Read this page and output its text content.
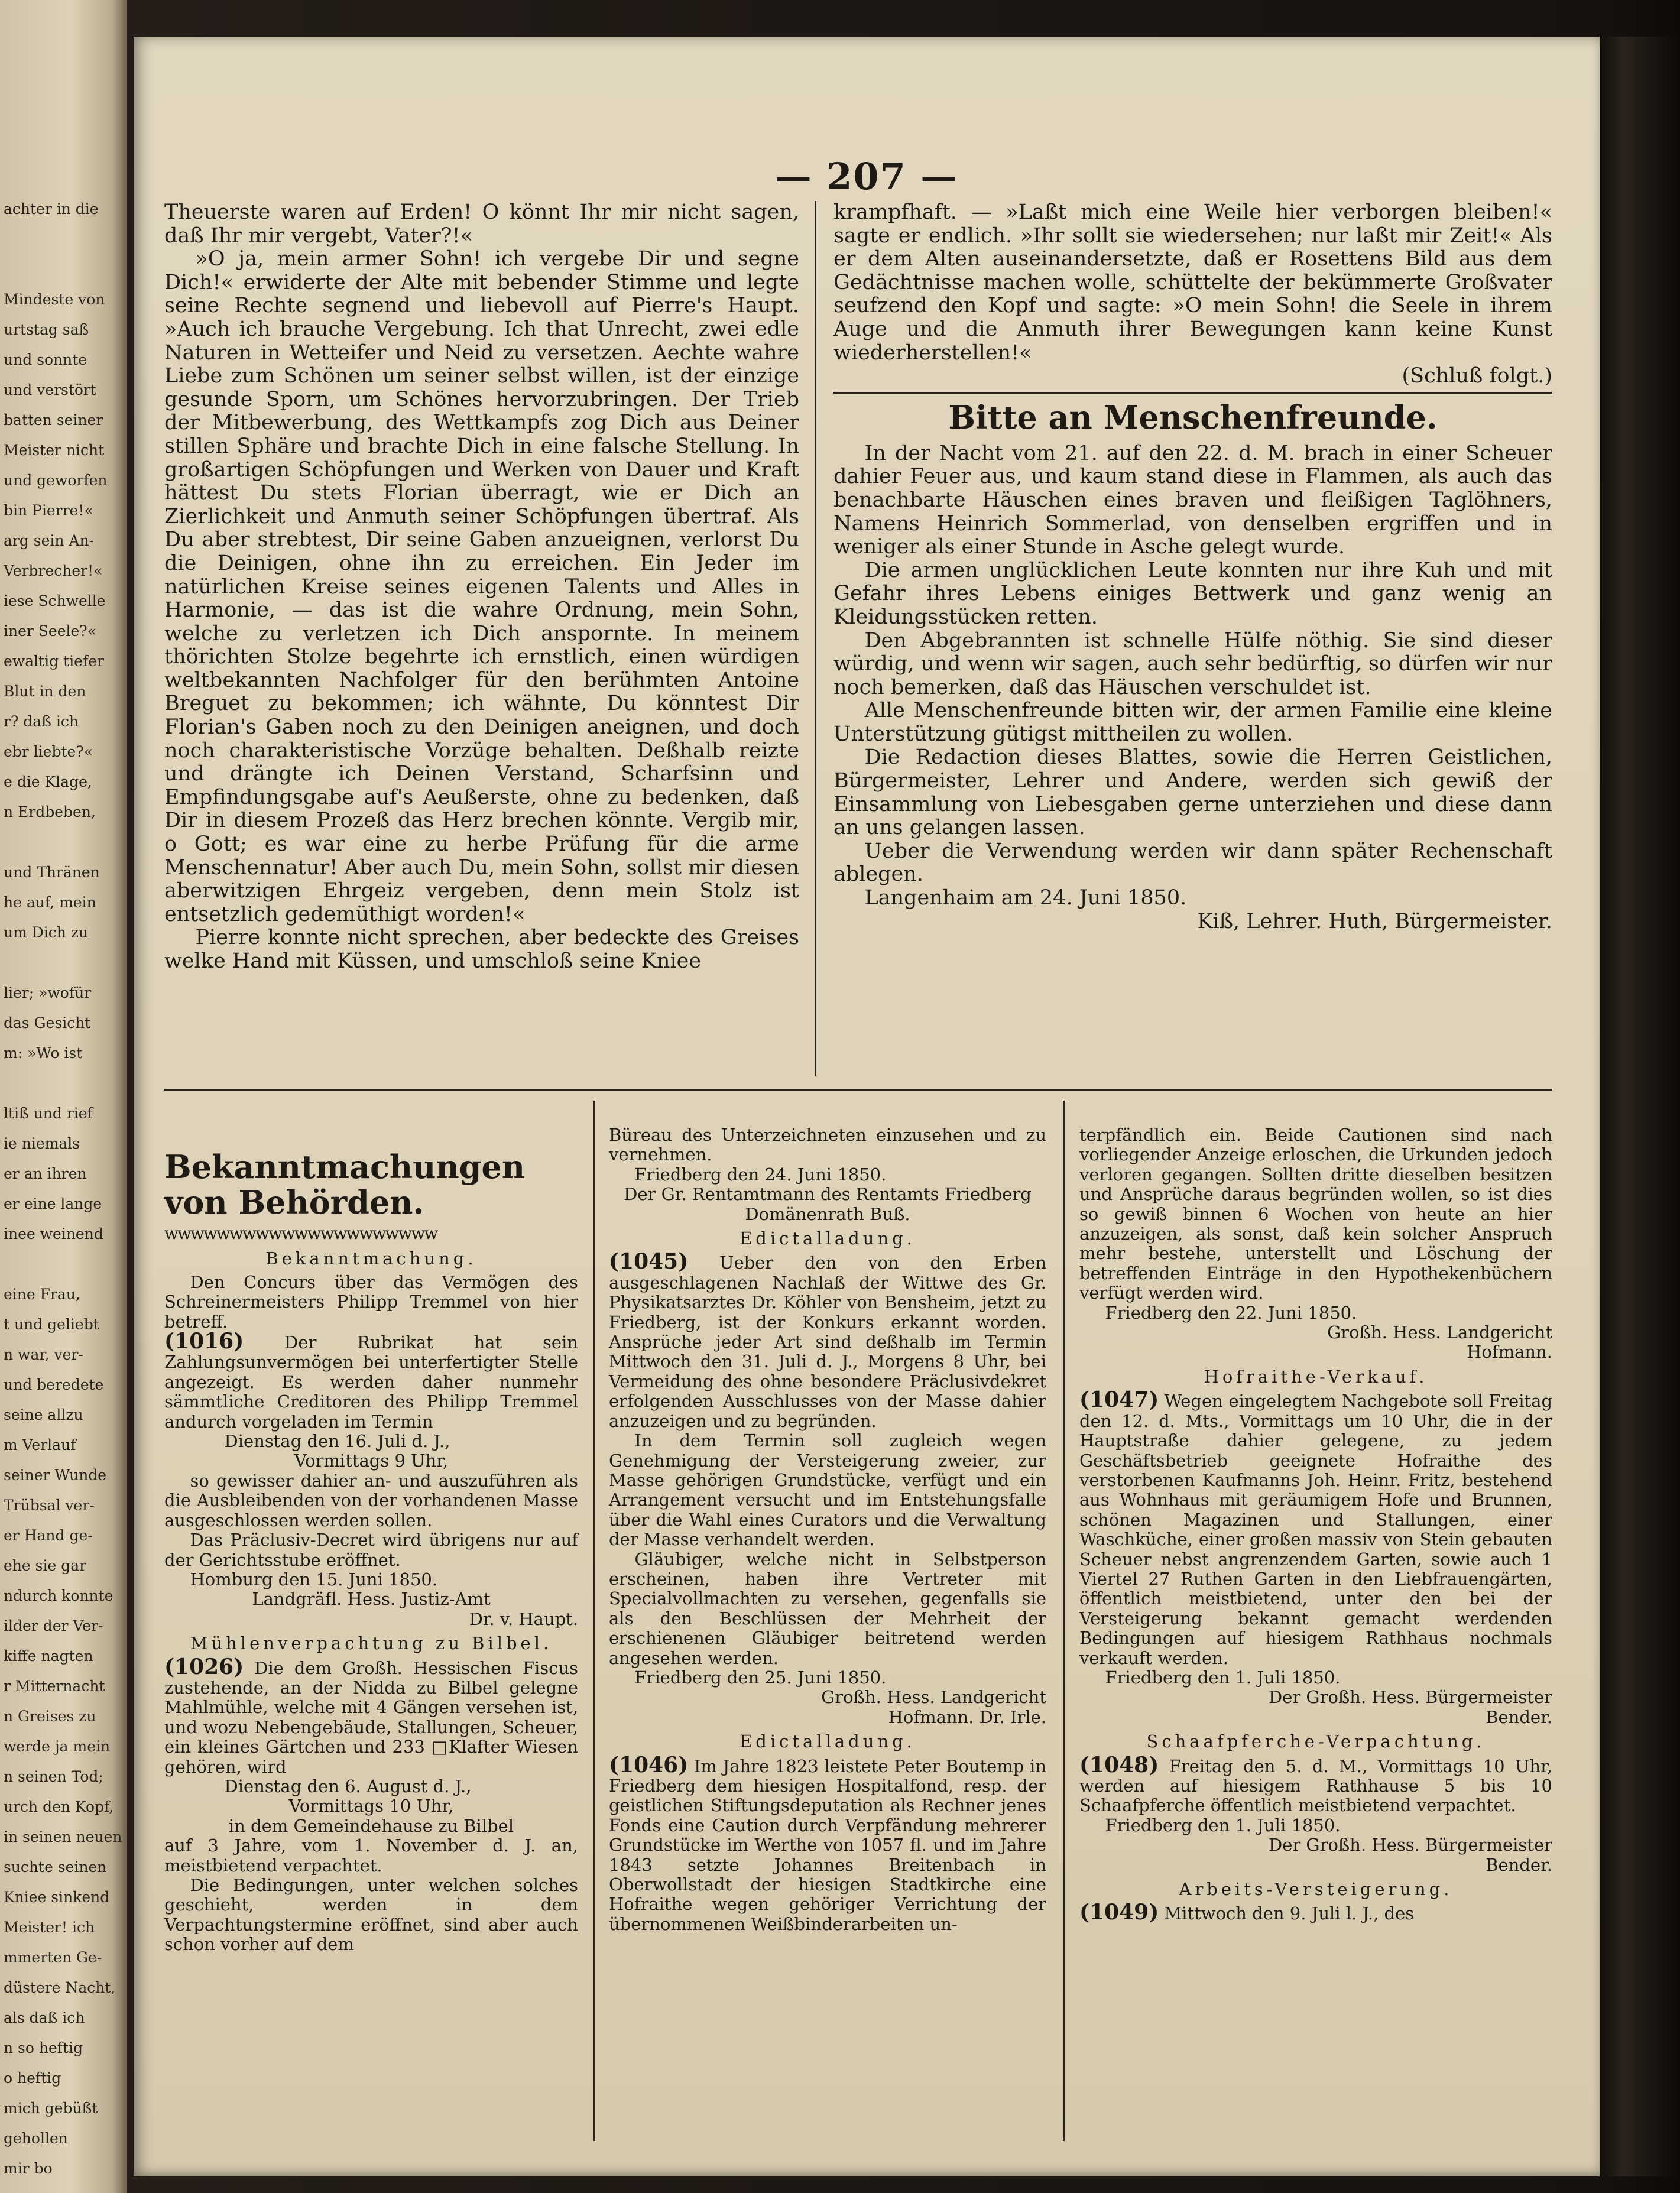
achter in die
Mindeste von
urtstag saß
und sonnte
und verstört
batten seiner
Meister nicht
und geworfen
bin Pierre!«
arg sein An-
Verbrecher!«
iese Schwelle
iner Seele?«
ewaltig tiefer
Blut in den
r? daß ich
ebr liebte?«
e die Klage,
n Erdbeben,
und Thränen
he auf, mein
um Dich zu
lier; »wofür
das Gesicht
m: »Wo ist
ltiß und rief
ie niemals
er an ihren
er eine lange
inee weinend
eine Frau,
t und geliebt
n war, ver-
und beredete
seine allzu
m Verlauf
seiner Wunde
Trübsal ver-
er Hand ge-
ehe sie gar
ndurch konnte
ilder der Ver-
kiffe nagten
r Mitternacht
n Greises zu
werde ja mein
n seinen Tod;
urch den Kopf,
in seinen neuen
suchte seinen
Kniee sinkend
Meister! ich
mmerten Ge-
düstere Nacht,
als daß ich
n so heftig
o heftig
mich gebüßt
gehollen
mir bo
— 207 —

Theuerste waren auf Erden! O könnt Ihr mir nicht sagen, daß Ihr mir vergebt, Vater?!«

»O ja, mein armer Sohn! ich vergebe Dir und segne Dich!« erwiderte der Alte mit bebender Stimme und legte seine Rechte segnend und liebevoll auf Pierre's Haupt. »Auch ich brauche Vergebung. Ich that Unrecht, zwei edle Naturen in Wetteifer und Neid zu versetzen. Aechte wahre Liebe zum Schönen um seiner selbst willen, ist der einzige gesunde Sporn, um Schönes hervorzubringen. Der Trieb der Mitbewerbung, des Wettkampfs zog Dich aus Deiner stillen Sphäre und brachte Dich in eine falsche Stellung. In großartigen Schöpfungen und Werken von Dauer und Kraft hättest Du stets Florian überragt, wie er Dich an Zierlichkeit und Anmuth seiner Schöpfungen übertraf. Als Du aber strebtest, Dir seine Gaben anzueignen, verlorst Du die Deinigen, ohne ihn zu erreichen. Ein Jeder im natürlichen Kreise seines eigenen Talents und Alles in Harmonie, — das ist die wahre Ordnung, mein Sohn, welche zu verletzen ich Dich anspornte. In meinem thörichten Stolze begehrte ich ernstlich, einen würdigen weltbekannten Nachfolger für den berühmten Antoine Breguet zu bekommen; ich wähnte, Du könntest Dir Florian's Gaben noch zu den Deinigen aneignen, und doch noch charakteristische Vorzüge behalten. Deßhalb reizte und drängte ich Deinen Verstand, Scharfsinn und Empfindungsgabe auf's Aeußerste, ohne zu bedenken, daß Dir in diesem Prozeß das Herz brechen könnte. Vergib mir, o Gott; es war eine zu herbe Prüfung für die arme Menschennatur! Aber auch Du, mein Sohn, sollst mir diesen aberwitzigen Ehrgeiz vergeben, denn mein Stolz ist entsetzlich gedemüthigt worden!«

Pierre konnte nicht sprechen, aber bedeckte des Greises welke Hand mit Küssen, und umschloß seine Kniee

krampfhaft. — »Laßt mich eine Weile hier verborgen bleiben!« sagte er endlich. »Ihr sollt sie wiedersehen; nur laßt mir Zeit!« Als er dem Alten auseinandersetzte, daß er Rosettens Bild aus dem Gedächtnisse machen wolle, schüttelte der bekümmerte Großvater seufzend den Kopf und sagte: »O mein Sohn! die Seele in ihrem Auge und die Anmuth ihrer Bewegungen kann keine Kunst wiederherstellen!«

(Schluß folgt.)
Bitte an Menschenfreunde.

In der Nacht vom 21. auf den 22. d. M. brach in einer Scheuer dahier Feuer aus, und kaum stand diese in Flammen, als auch das benachbarte Häuschen eines braven und fleißigen Taglöhners, Namens Heinrich Sommerlad, von denselben ergriffen und in weniger als einer Stunde in Asche gelegt wurde.

Die armen unglücklichen Leute konnten nur ihre Kuh und mit Gefahr ihres Lebens einiges Bettwerk und ganz wenig an Kleidungsstücken retten.

Den Abgebrannten ist schnelle Hülfe nöthig. Sie sind dieser würdig, und wenn wir sagen, auch sehr bedürftig, so dürfen wir nur noch bemerken, daß das Häuschen verschuldet ist.

Alle Menschenfreunde bitten wir, der armen Familie eine kleine Unterstützung gütigst mittheilen zu wollen.

Die Redaction dieses Blattes, sowie die Herren Geistlichen, Bürgermeister, Lehrer und Andere, werden sich gewiß der Einsammlung von Liebesgaben gerne unterziehen und diese dann an uns gelangen lassen.

Ueber die Verwendung werden wir dann später Rechenschaft ablegen.

Langenhaim am 24. Juni 1850.

Kiß, Lehrer. Huth, Bürgermeister.
Bekanntmachungen von Behörden.
wwwwwwwwwwwwwwwwwwwww
Bekanntmachung.

Den Concurs über das Vermögen des Schreinermeisters Philipp Tremmel von hier betreff.

(1016) Der Rubrikat hat sein Zahlungsunvermögen bei unterfertigter Stelle angezeigt. Es werden daher nunmehr sämmtliche Creditoren des Philipp Tremmel andurch vorgeladen im Termin

Dienstag den 16. Juli d. J.,
Vormittags 9 Uhr,

so gewisser dahier an- und auszuführen als die Ausbleibenden von der vorhandenen Masse ausgeschlossen werden sollen.

Das Präclusiv-Decret wird übrigens nur auf der Gerichtsstube eröffnet.

Homburg den 15. Juni 1850.

Landgräfl. Hess. Justiz-Amt
Dr. v. Haupt.
Mühlenverpachtung zu Bilbel.

(1026) Die dem Großh. Hessischen Fiscus zustehende, an der Nidda zu Bilbel gelegne Mahlmühle, welche mit 4 Gängen versehen ist, und wozu Nebengebäude, Stallungen, Scheuer, ein kleines Gärtchen und 233 □Klafter Wiesen gehören, wird

Dienstag den 6. August d. J.,
Vormittags 10 Uhr,
in dem Gemeindehause zu Bilbel

auf 3 Jahre, vom 1. November d. J. an, meistbietend verpachtet.

Die Bedingungen, unter welchen solches geschieht, werden in dem Verpachtungstermine eröffnet, sind aber auch schon vorher auf dem

Büreau des Unterzeichneten einzusehen und zu vernehmen.

Friedberg den 24. Juni 1850.

Der Gr. Rentamtmann des Rentamts Friedberg Domänenrath Buß.
Edictalladung.

(1045) Ueber den von den Erben ausgeschlagenen Nachlaß der Wittwe des Gr. Physikatsarztes Dr. Köhler von Bensheim, jetzt zu Friedberg, ist der Konkurs erkannt worden. Ansprüche jeder Art sind deßhalb im Termin Mittwoch den 31. Juli d. J., Morgens 8 Uhr, bei Vermeidung des ohne besondere Präclusivdekret erfolgenden Ausschlusses von der Masse dahier anzuzeigen und zu begründen.

In dem Termin soll zugleich wegen Genehmigung der Versteigerung zweier, zur Masse gehörigen Grundstücke, verfügt und ein Arrangement versucht und im Entstehungsfalle über die Wahl eines Curators und die Verwaltung der Masse verhandelt werden.

Gläubiger, welche nicht in Selbstperson erscheinen, haben ihre Vertreter mit Specialvollmachten zu versehen, gegenfalls sie als den Beschlüssen der Mehrheit der erschienenen Gläubiger beitretend werden angesehen werden.

Friedberg den 25. Juni 1850.

Großh. Hess. Landgericht
Hofmann. Dr. Irle.
Edictalladung.

(1046) Im Jahre 1823 leistete Peter Boutemp in Friedberg dem hiesigen Hospitalfond, resp. der geistlichen Stiftungsdeputation als Rechner jenes Fonds eine Caution durch Verpfändung mehrerer Grundstücke im Werthe von 1057 fl. und im Jahre 1843 setzte Johannes Breitenbach in Oberwollstadt der hiesigen Stadtkirche eine Hofraithe wegen gehöriger Verrichtung der übernommenen Weißbinderarbeiten un-

terpfändlich ein. Beide Cautionen sind nach vorliegender Anzeige erloschen, die Urkunden jedoch verloren gegangen. Sollten dritte dieselben besitzen und Ansprüche daraus begründen wollen, so ist dies so gewiß binnen 6 Wochen von heute an hier anzuzeigen, als sonst, daß kein solcher Anspruch mehr bestehe, unterstellt und Löschung der betreffenden Einträge in den Hypothekenbüchern verfügt werden wird.

Friedberg den 22. Juni 1850.

Großh. Hess. Landgericht
Hofmann.
Hofraithe-Verkauf.

(1047) Wegen eingelegtem Nachgebote soll Freitag den 12. d. Mts., Vormittags um 10 Uhr, die in der Hauptstraße dahier gelegene, zu jedem Geschäftsbetrieb geeignete Hofraithe des verstorbenen Kaufmanns Joh. Heinr. Fritz, bestehend aus Wohnhaus mit geräumigem Hofe und Brunnen, schönen Magazinen und Stallungen, einer Waschküche, einer großen massiv von Stein gebauten Scheuer nebst angrenzendem Garten, sowie auch 1 Viertel 27 Ruthen Garten in den Liebfrauengärten, öffentlich meistbietend, unter den bei der Versteigerung bekannt gemacht werdenden Bedingungen auf hiesigem Rathhaus nochmals verkauft werden.

Friedberg den 1. Juli 1850.

Der Großh. Hess. Bürgermeister
Bender.
Schaafpferche-Verpachtung.

(1048) Freitag den 5. d. M., Vormittags 10 Uhr, werden auf hiesigem Rathhause 5 bis 10 Schaafpferche öffentlich meistbietend verpachtet.

Friedberg den 1. Juli 1850.

Der Großh. Hess. Bürgermeister
Bender.
Arbeits-Versteigerung.

(1049) Mittwoch den 9. Juli l. J., des
